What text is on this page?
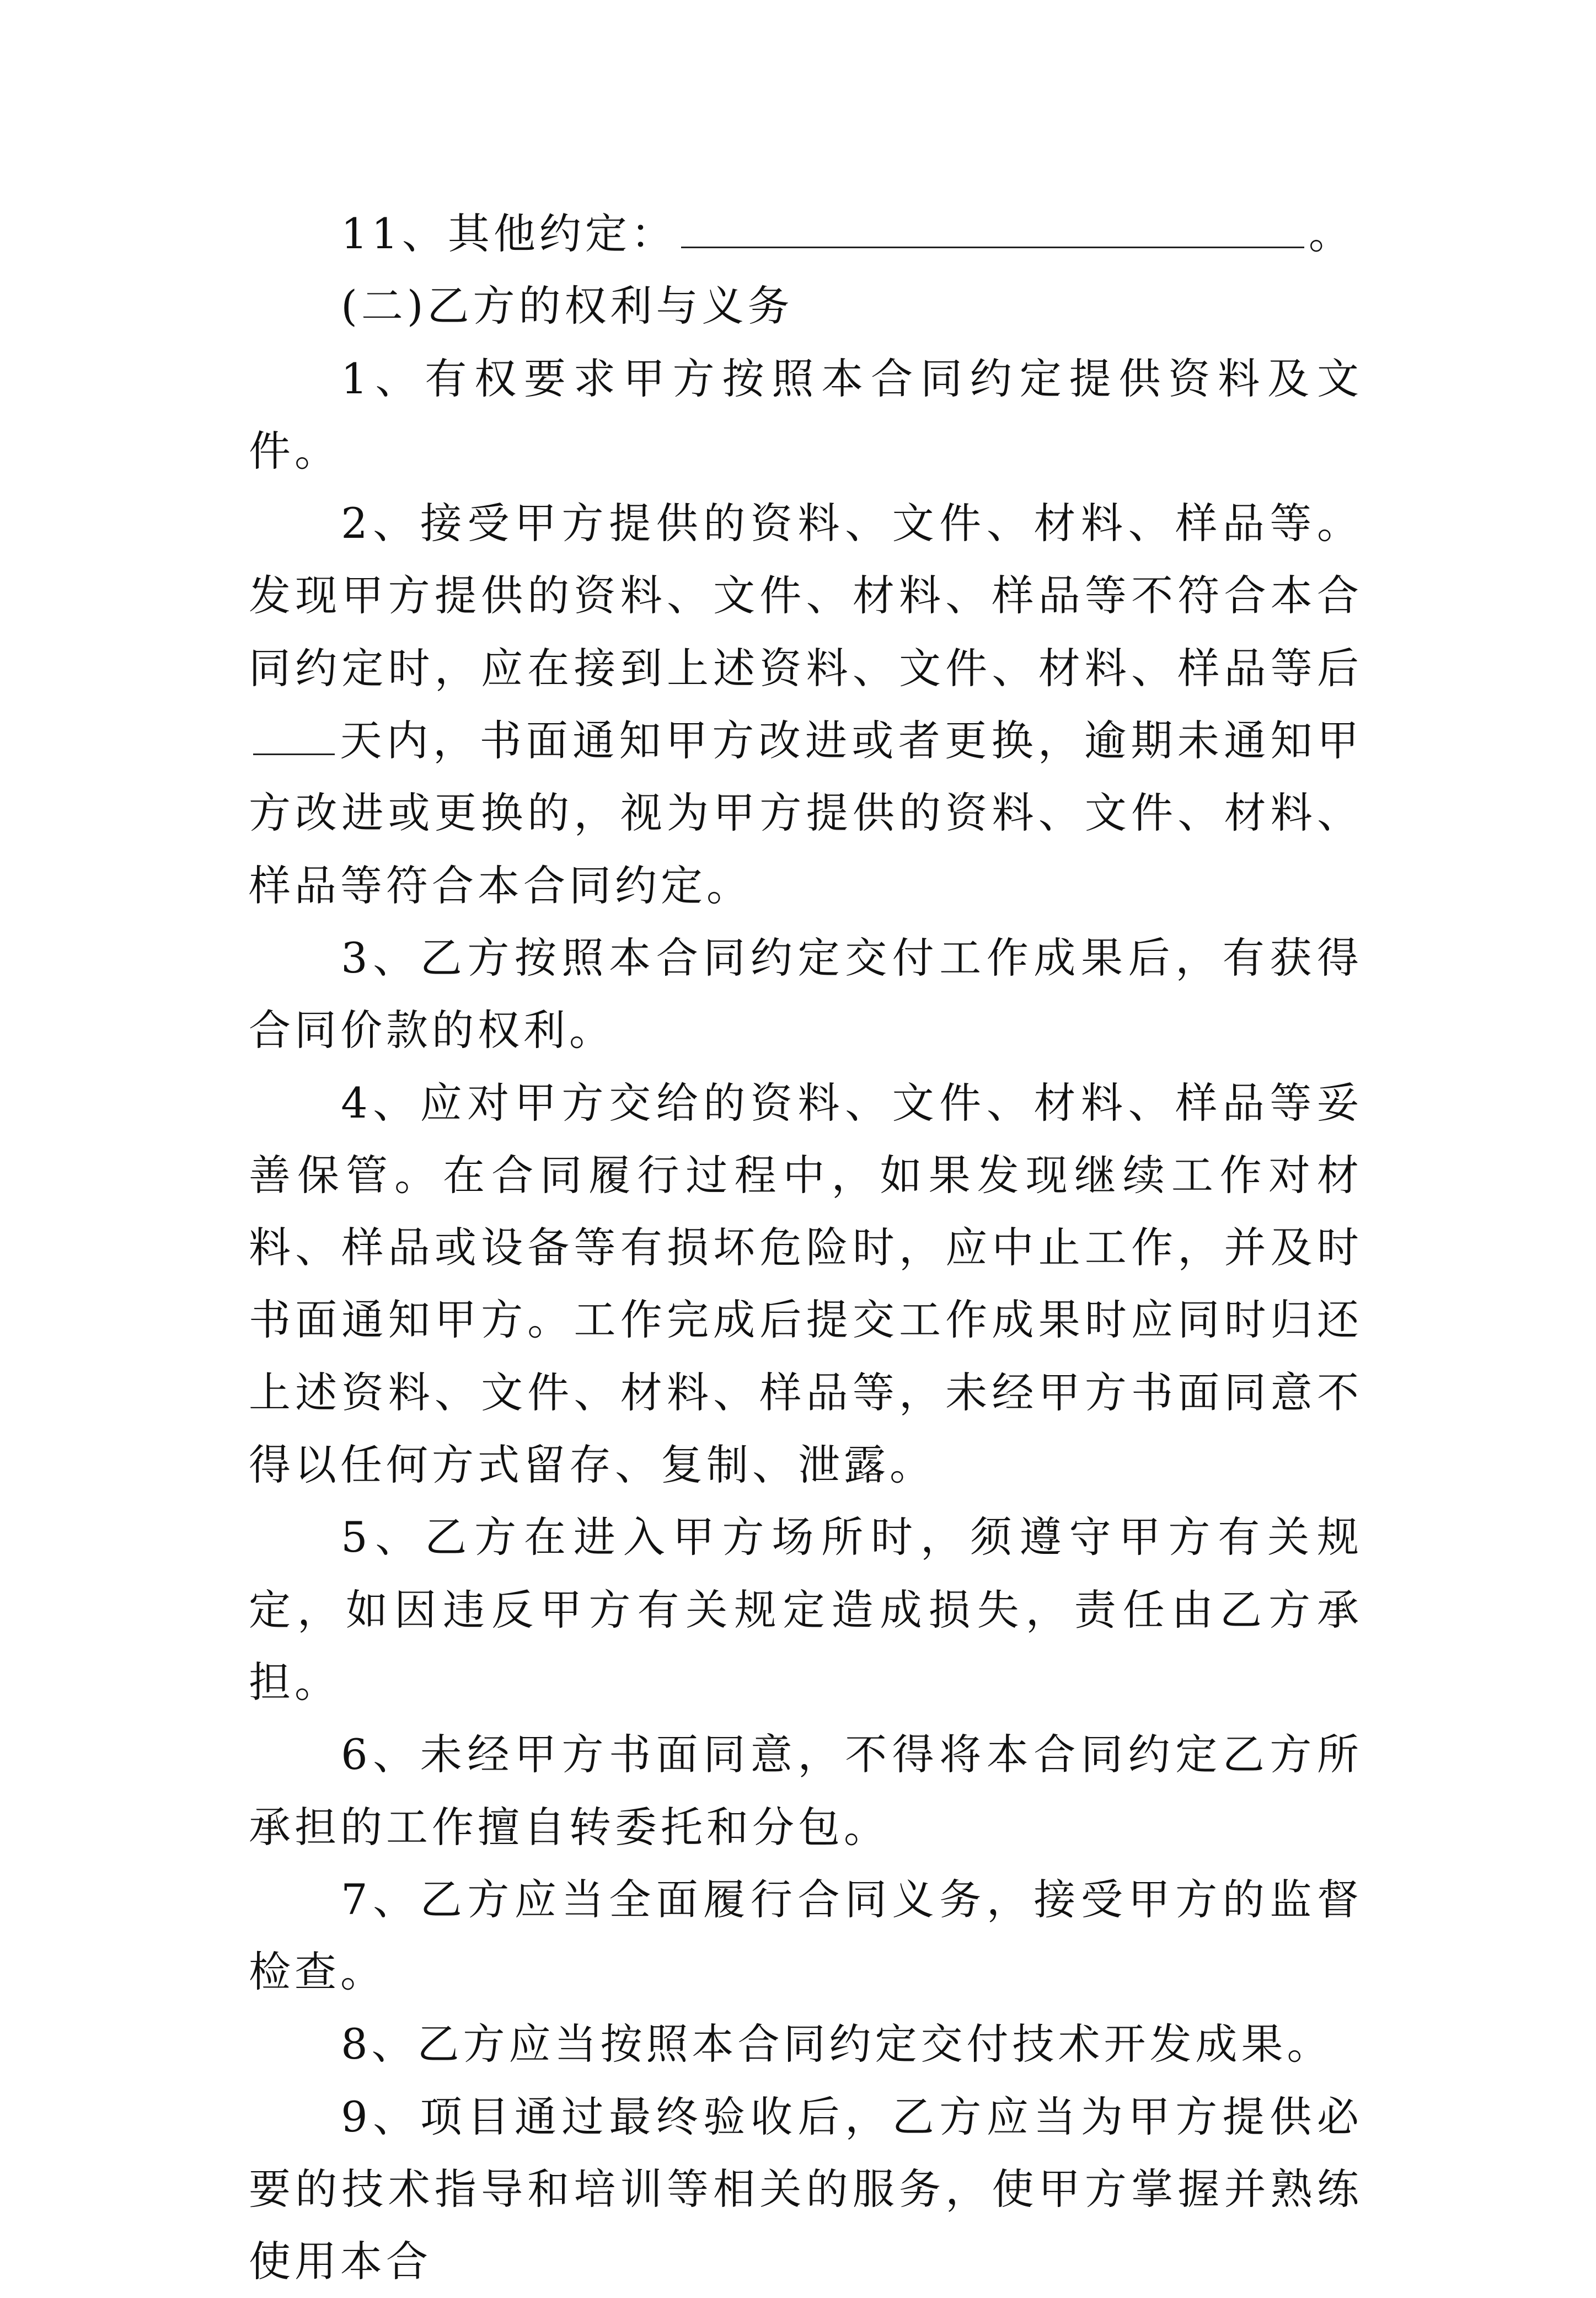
11、其他约定：	。

(二)乙方的权利与义务

1、有权要求甲方按照本合同约定提供资料及文件。

2、接受甲方提供的资料、文件、材料、样品等。发现甲方提供的资料、文件、材料、样品等不符合本合同约定时，应在接到上述资料、文件、材料、样品等后天内，书面通知甲方改进或者更换，逾期未通知甲方改进或更换的，视为甲方提供的资料、文件、材料、样品等符合本合同约定。

3、乙方按照本合同约定交付工作成果后，有获得合同价款的权利。

4、应对甲方交给的资料、文件、材料、样品等妥善保管。在合同履行过程中，如果发现继续工作对材料、样品或设备等有损坏危险时，应中止工作，并及时书面通知甲方。工作完成后提交工作成果时应同时归还上述资料、文件、材料、样品等，未经甲方书面同意不得以任何方式留存、复制、泄露。

5、乙方在进入甲方场所时，须遵守甲方有关规定，如因违反甲方有关规定造成损失，责任由乙方承担。

6、未经甲方书面同意，不得将本合同约定乙方所承担的工作擅自转委托和分包。

7、乙方应当全面履行合同义务，接受甲方的监督检查。

8、乙方应当按照本合同约定交付技术开发成果。

9、项目通过最终验收后，乙方应当为甲方提供必要的技术指导和培训等相关的服务，使甲方掌握并熟练使用本合
